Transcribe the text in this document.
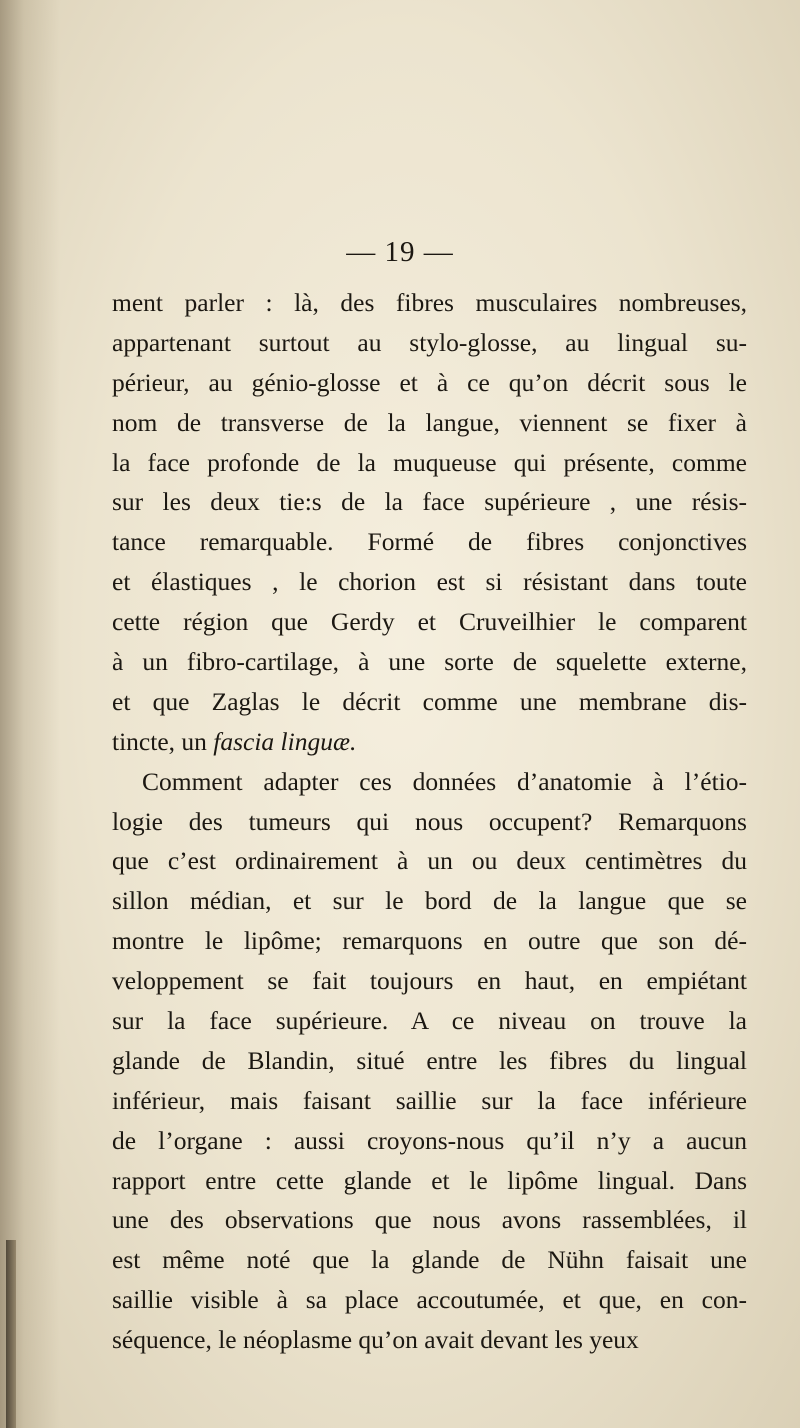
— 19 —
ment parler : là, des fibres musculaires nombreuses,
appartenant surtout au stylo-glosse, au lingual su-
périeur, au génio-glosse et à ce qu’on décrit sous le
nom de transverse de la langue, viennent se fixer à
la face profonde de la muqueuse qui présente, comme
sur les deux tie:s de la face supérieure , une résis-
tance remarquable. Formé de fibres conjonctives
et élastiques , le chorion est si résistant dans toute
cette région que Gerdy et Cruveilhier le comparent
à un fibro-cartilage, à une sorte de squelette externe,
et que Zaglas le décrit comme une membrane dis-
tincte, un fascia linguæ.
Comment adapter ces données d’anatomie à l’étio-
logie des tumeurs qui nous occupent? Remarquons
que c’est ordinairement à un ou deux centimètres du
sillon médian, et sur le bord de la langue que se
montre le lipôme; remarquons en outre que son dé-
veloppement se fait toujours en haut, en empiétant
sur la face supérieure. A ce niveau on trouve la
glande de Blandin, situé entre les fibres du lingual
inférieur, mais faisant saillie sur la face inférieure
de l’organe : aussi croyons-nous qu’il n’y a aucun
rapport entre cette glande et le lipôme lingual. Dans
une des observations que nous avons rassemblées, il
est même noté que la glande de Nühn faisait une
saillie visible à sa place accoutumée, et que, en con-
séquence, le néoplasme qu’on avait devant les yeux
